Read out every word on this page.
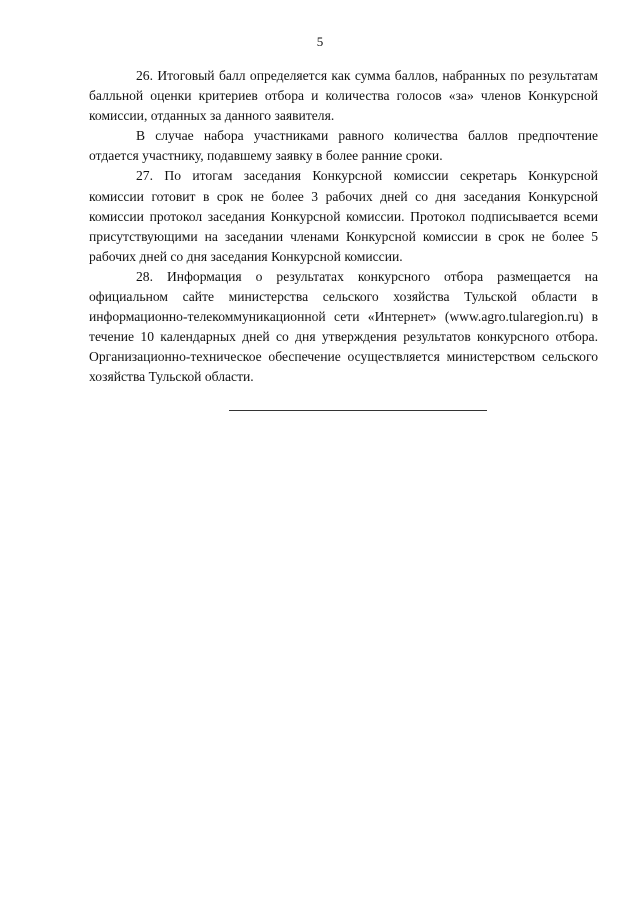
5

26. Итоговый балл определяется как сумма баллов, набранных по результатам балльной оценки критериев отбора и количества голосов «за» членов Конкурсной комиссии, отданных за данного заявителя.

В случае набора участниками равного количества баллов предпочтение отдается участнику, подавшему заявку в более ранние сроки.

27. По итогам заседания Конкурсной комиссии секретарь Конкурсной комиссии готовит в срок не более 3 рабочих дней со дня заседания Конкурсной комиссии протокол заседания Конкурсной комиссии. Протокол подписывается всеми присутствующими на заседании членами Конкурсной комиссии в срок не более 5 рабочих дней со дня заседания Конкурсной комиссии.

28. Информация о результатах конкурсного отбора размещается на официальном сайте министерства сельского хозяйства Тульской области в информационно-телекоммуникационной сети «Интернет» (www.agro.tularegion.ru) в течение 10 календарных дней со дня утверждения результатов конкурсного отбора. Организационно-техническое обеспечение осуществляется министерством сельского хозяйства Тульской области.
